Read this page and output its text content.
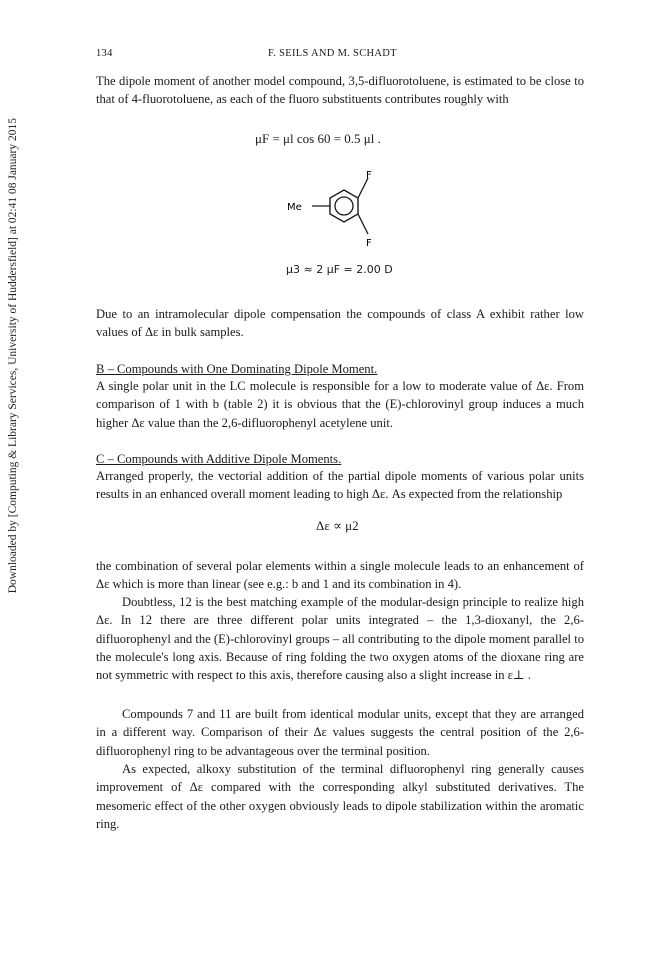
Downloaded by [Computing & Library Services, University of Huddersfield] at 02:41 08 January 2015
134	F. SEILS AND M. SCHADT

The dipole moment of another model compound, 3,5-difluorotoluene, is estimated to be close to that of 4-fluorotoluene, as each of the fluoro substituents contributes roughly with

μF = μl cos 60 = 0.5 μl .
Me
F
F
μ3 ≈ 2 μF = 2.00 D

Due to an intramolecular dipole compensation the compounds of class A exhibit rather low values of Δε in bulk samples.

B – Compounds with One Dominating Dipole Moment.

A single polar unit in the LC molecule is responsible for a low to moderate value of Δε. From comparison of 1 with b (table 2) it is obvious that the (E)-chlorovinyl group induces a much higher Δε value than the 2,6-difluorophenyl acetylene unit.

C – Compounds with Additive Dipole Moments.

Arranged properly, the vectorial addition of the partial dipole moments of various polar units results in an enhanced overall moment leading to high Δε. As expected from the relationship

Δε ∝ μ2

the combination of several polar elements within a single molecule leads to an enhancement of Δε which is more than linear (see e.g.: b and 1 and its combination in 4).

Doubtless, 12 is the best matching example of the modular-design principle to realize high Δε. In 12 there are three different polar units integrated – the 1,3-dioxanyl, the 2,6-difluorophenyl and the (E)-chlorovinyl groups – all contributing to the dipole moment parallel to the molecule's long axis. Because of ring folding the two oxygen atoms of the dioxane ring are not symmetric with respect to this axis, therefore causing also a slight increase in ε⊥ .

Compounds 7 and 11 are built from identical modular units, except that they are arranged in a different way. Comparison of their Δε values suggests the central position of the 2,6-difluorophenyl ring to be advantageous over the terminal position.

As expected, alkoxy substitution of the terminal difluorophenyl ring generally causes improvement of Δε compared with the corresponding alkyl substituted derivatives. The mesomeric effect of the other oxygen obviously leads to dipole stabilization within the aromatic ring.
